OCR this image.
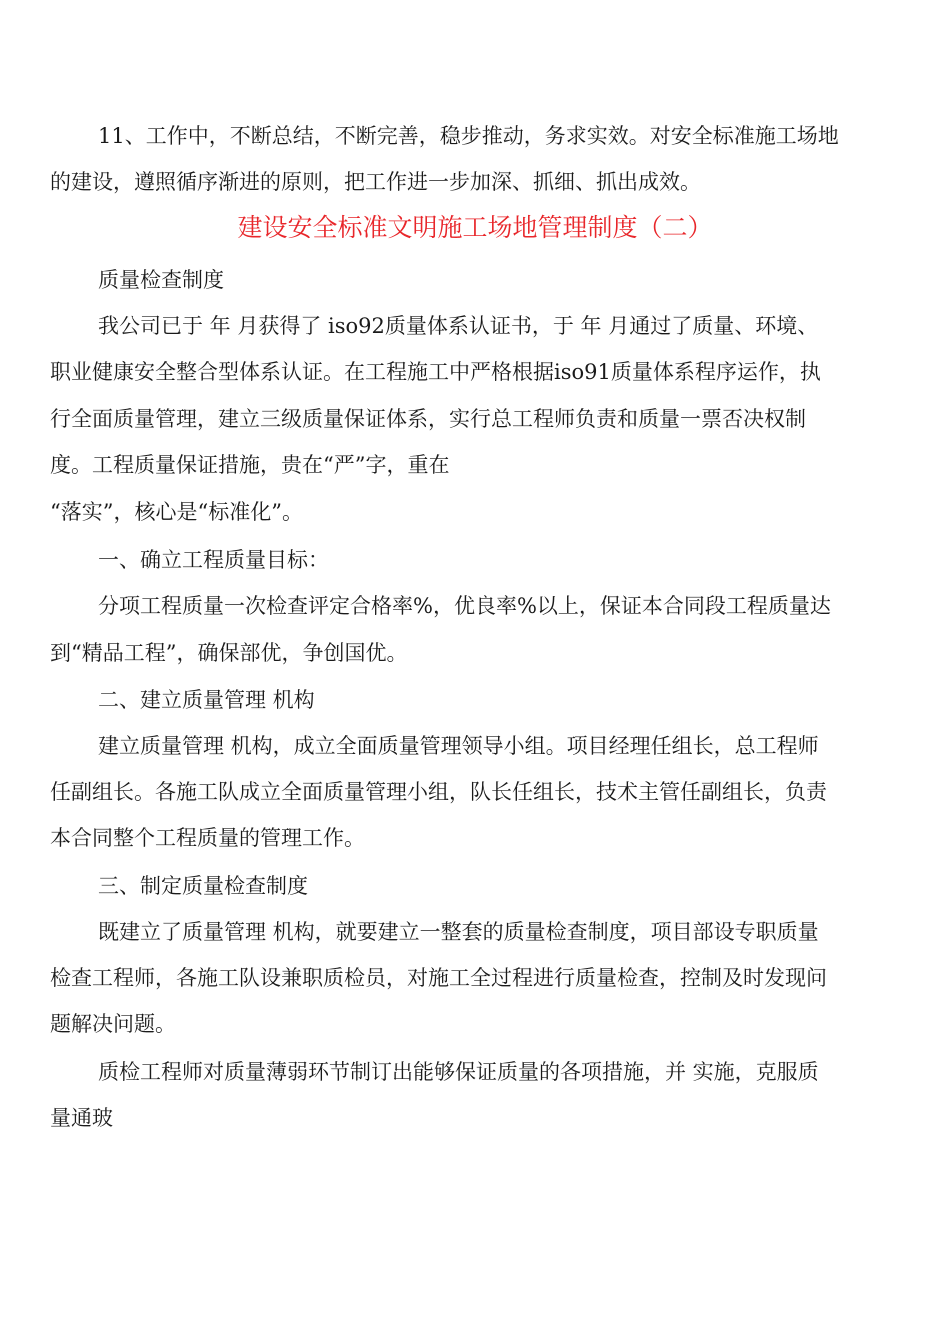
11、工作中，不断总结，不断完善，稳步推动，务求实效。对安全标准施工场地
的建设，遵照循序渐进的原则，把工作进一步加深、抓细、抓出成效。
建设安全标准文明施工场地管理制度（二）
质量检查制度
我公司已于 年 月获得了 iso92质量体系认证书，于 年 月通过了质量、环境、
职业健康安全整合型体系认证。在工程施工中严格根据iso91质量体系程序运作，执
行全面质量管理，建立三级质量保证体系，实行总工程师负责和质量一票否决权制
度。工程质量保证措施，贵在“严”字，重在
“落实”，核心是“标准化”。
一、确立工程质量目标：
分项工程质量一次检查评定合格率%，优良率%以上，保证本合同段工程质量达
到“精品工程”，确保部优，争创国优。
二、建立质量管理 机构
建立质量管理 机构，成立全面质量管理领导小组。项目经理任组长，总工程师
任副组长。各施工队成立全面质量管理小组，队长任组长，技术主管任副组长，负责
本合同整个工程质量的管理工作。
三、制定质量检查制度
既建立了质量管理 机构，就要建立一整套的质量检查制度，项目部设专职质量
检查工程师，各施工队设兼职质检员，对施工全过程进行质量检查，控制及时发现问
题解决问题。
质检工程师对质量薄弱环节制订出能够保证质量的各项措施，并 实施，克服质
量通玻
